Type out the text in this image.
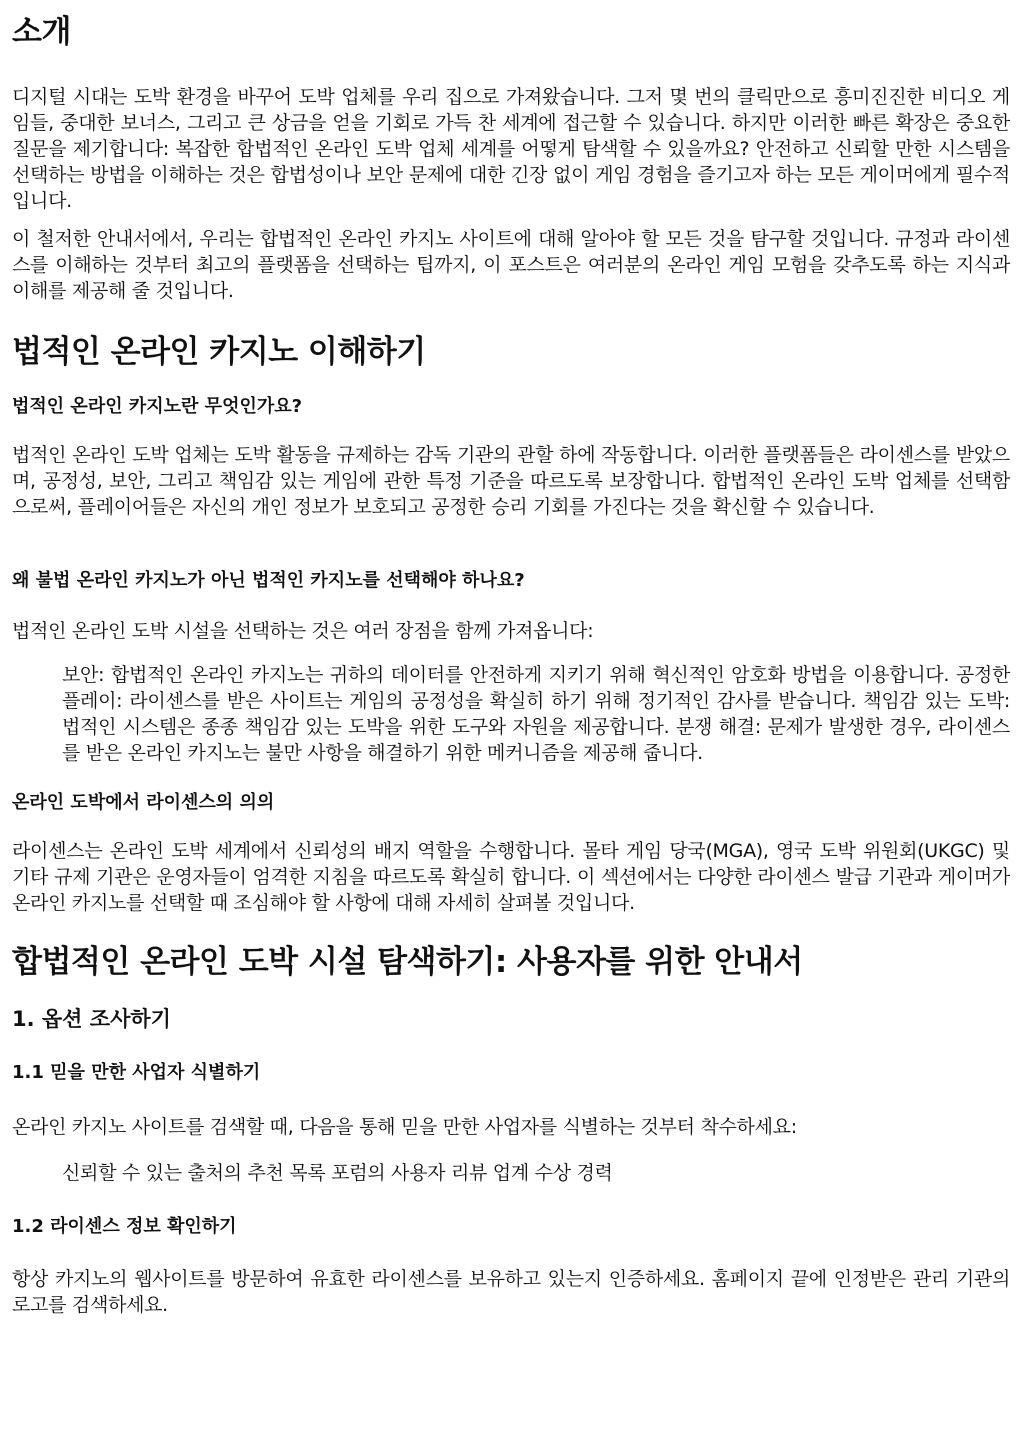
소개

디지털 시대는 도박 환경을 바꾸어 도박 업체를 우리 집으로 가져왔습니다. 그저 몇 번의 클릭만으로 흥미진진한 비디오 게임들, 중대한 보너스, 그리고 큰 상금을 얻을 기회로 가득 찬 세계에 접근할 수 있습니다. 하지만 이러한 빠른 확장은 중요한 질문을 제기합니다: 복잡한 합법적인 온라인 도박 업체 세계를 어떻게 탐색할 수 있을까요? 안전하고 신뢰할 만한 시스템을 선택하는 방법을 이해하는 것은 합법성이나 보안 문제에 대한 긴장 없이 게임 경험을 즐기고자 하는 모든 게이머에게 필수적입니다.

이 철저한 안내서에서, 우리는 합법적인 온라인 카지노 사이트에 대해 알아야 할 모든 것을 탐구할 것입니다. 규정과 라이센스를 이해하는 것부터 최고의 플랫폼을 선택하는 팁까지, 이 포스트은 여러분의 온라인 게임 모험을 갖추도록 하는 지식과 이해를 제공해 줄 것입니다.

법적인 온라인 카지노 이해하기
법적인 온라인 카지노란 무엇인가요?

법적인 온라인 도박 업체는 도박 활동을 규제하는 감독 기관의 관할 하에 작동합니다. 이러한 플랫폼들은 라이센스를 받았으며, 공정성, 보안, 그리고 책임감 있는 게임에 관한 특정 기준을 따르도록 보장합니다. 합법적인 온라인 도박 업체를 선택함으로써, 플레이어들은 자신의 개인 정보가 보호되고 공정한 승리 기회를 가진다는 것을 확신할 수 있습니다.

왜 불법 온라인 카지노가 아닌 법적인 카지노를 선택해야 하나요?

법적인 온라인 도박 시설을 선택하는 것은 여러 장점을 함께 가져옵니다:

보안: 합법적인 온라인 카지노는 귀하의 데이터를 안전하게 지키기 위해 혁신적인 암호화 방법을 이용합니다. 공정한 플레이: 라이센스를 받은 사이트는 게임의 공정성을 확실히 하기 위해 정기적인 감사를 받습니다. 책임감 있는 도박: 법적인 시스템은 종종 책임감 있는 도박을 위한 도구와 자원을 제공합니다. 분쟁 해결: 문제가 발생한 경우, 라이센스를 받은 온라인 카지노는 불만 사항을 해결하기 위한 메커니즘을 제공해 줍니다.

온라인 도박에서 라이센스의 의의

라이센스는 온라인 도박 세계에서 신뢰성의 배지 역할을 수행합니다. 몰타 게임 당국(MGA), 영국 도박 위원회(UKGC) 및 기타 규제 기관은 운영자들이 엄격한 지침을 따르도록 확실히 합니다. 이 섹션에서는 다양한 라이센스 발급 기관과 게이머가 온라인 카지노를 선택할 때 조심해야 할 사항에 대해 자세히 살펴볼 것입니다.

합법적인 온라인 도박 시설 탐색하기: 사용자를 위한 안내서
1. 옵션 조사하기
1.1 믿을 만한 사업자 식별하기

온라인 카지노 사이트를 검색할 때, 다음을 통해 믿을 만한 사업자를 식별하는 것부터 착수하세요:

신뢰할 수 있는 출처의 추천 목록 포럼의 사용자 리뷰 업계 수상 경력

1.2 라이센스 정보 확인하기

항상 카지노의 웹사이트를 방문하여 유효한 라이센스를 보유하고 있는지 인증하세요. 홈페이지 끝에 인정받은 관리 기관의 로고를 검색하세요.
